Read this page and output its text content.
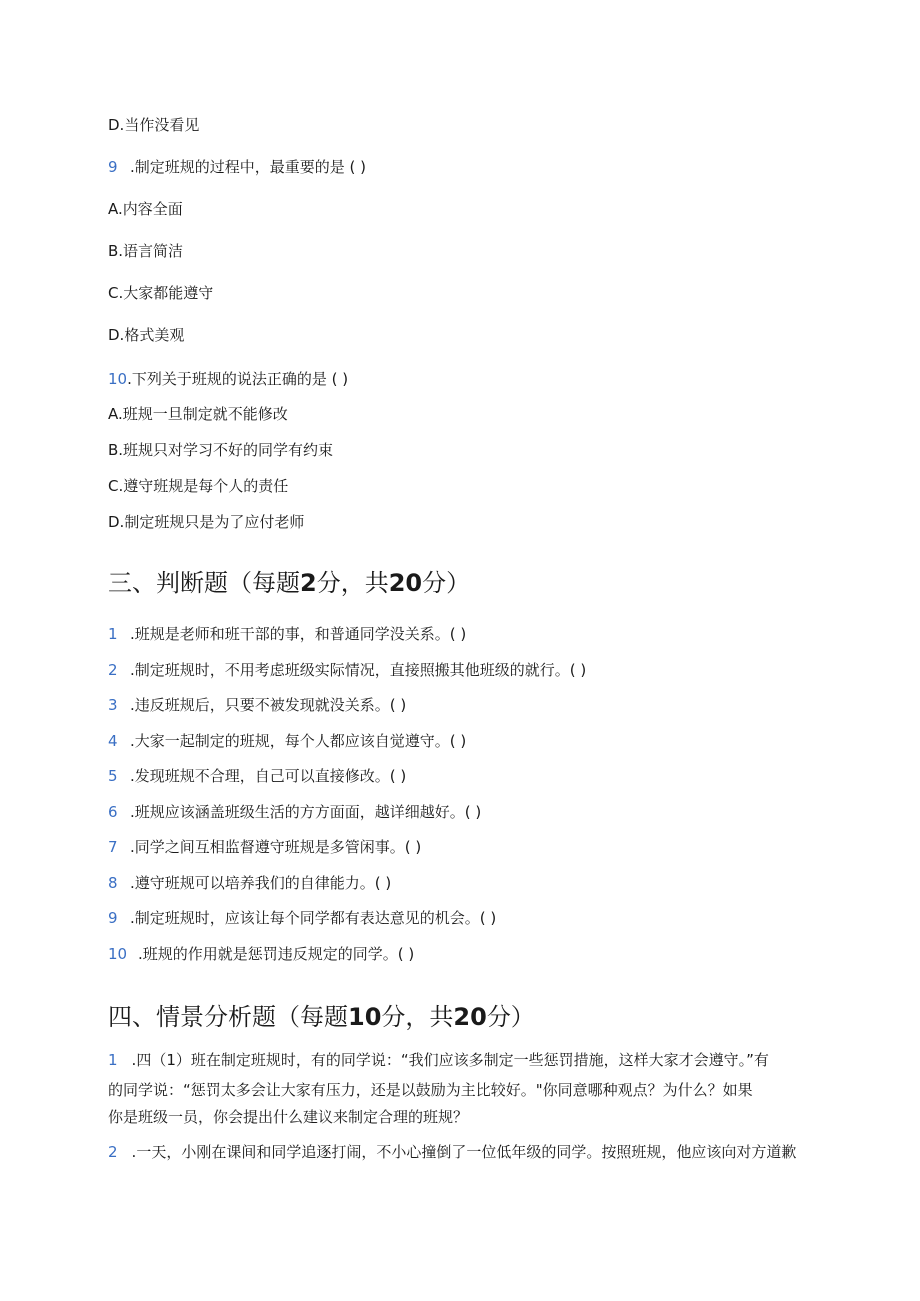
D.当作没看见
9 .制定班规的过程中，最重要的是 ( )
A.内容全面
B.语言简洁
C.大家都能遵守
D.格式美观
10.下列关于班规的说法正确的是 ( )
A.班规一旦制定就不能修改
B.班规只对学习不好的同学有约束
C.遵守班规是每个人的责任
D.制定班规只是为了应付老师
三、判断题（每题2分，共20分）
1 .班规是老师和班干部的事，和普通同学没关系。( )
2 .制定班规时，不用考虑班级实际情况，直接照搬其他班级的就行。( )
3 .违反班规后，只要不被发现就没关系。( )
4 .大家一起制定的班规，每个人都应该自觉遵守。( )
5 .发现班规不合理，自己可以直接修改。( )
6 .班规应该涵盖班级生活的方方面面，越详细越好。( )
7 .同学之间互相监督遵守班规是多管闲事。( )
8 .遵守班规可以培养我们的自律能力。( )
9 .制定班规时，应该让每个同学都有表达意见的机会。( )
10 .班规的作用就是惩罚违反规定的同学。( )
四、情景分析题（每题10分，共20分）
1 .四（1）班在制定班规时，有的同学说：“我们应该多制定一些惩罚措施，这样大家才会遵守。”有
的同学说：“惩罚太多会让大家有压力，还是以鼓励为主比较好。"你同意哪种观点？为什么？如果
你是班级一员，你会提出什么建议来制定合理的班规？
2 .一天，小刚在课间和同学追逐打闹，不小心撞倒了一位低年级的同学。按照班规，他应该向对方道歉
